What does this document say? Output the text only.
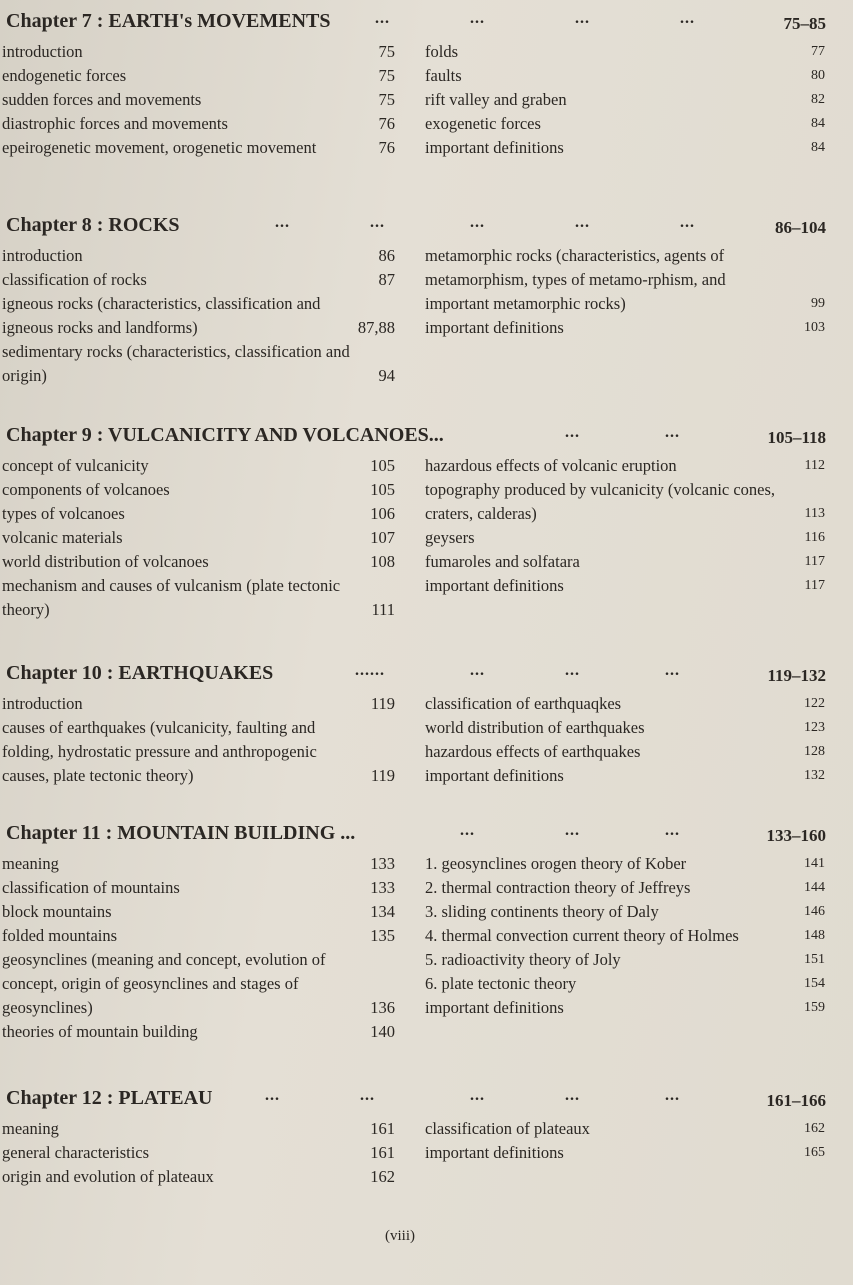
Chapter 7 : EARTH's MOVEMENTS	...	...	...	...	75–85
introduction	75
endogenetic forces	75
sudden forces and movements	75
diastrophic forces and movements	76
epeirogenetic movement, orogenetic movement	76
folds	77
faults	80
rift valley and graben	82
exogenetic forces	84
important definitions	84
Chapter 8 : ROCKS	...	...	...	...	...	86–104
introduction	86
classification of rocks	87
igneous rocks (characteristics, classification and igneous rocks and landforms)	87,88
sedimentary rocks (characteristics, classification and origin)	94
metamorphic rocks (characteristics, agents of metamorphism, types of metamo-rphism, and important metamorphic rocks)	99
important definitions	103
Chapter 9 : VULCANICITY AND VOLCANOES...	...	...	105–118
concept of vulcanicity	105
components of volcanoes	105
types of volcanoes	106
volcanic materials	107
world distribution of volcanoes	108
mechanism and causes of vulcanism (plate tectonic theory)	111
hazardous effects of volcanic eruption	112
topography produced by vulcanicity (volcanic cones, craters, calderas)	113
geysers	116
fumaroles and solfatara	117
important definitions	117
Chapter 10 : EARTHQUAKES	......	...	...	...	119–132
introduction	119
causes of earthquakes (vulcanicity, faulting and folding, hydrostatic pressure and anthropogenic causes, plate tectonic theory)	119
classification of earthquaqkes	122
world distribution of earthquakes	123
hazardous effects of earthquakes	128
important definitions	132
Chapter 11 : MOUNTAIN BUILDING ...	...	...	...	133–160
meaning	133
classification of mountains	133
block mountains	134
folded mountains	135
geosynclines (meaning and concept, evolution of concept, origin of geosynclines and stages of geosynclines)	136
theories of mountain building	140
1. geosynclines orogen theory of Kober	141
2. thermal contraction theory of Jeffreys	144
3. sliding continents theory of Daly	146
4. thermal convection current theory of Holmes	148
5. radioactivity theory of Joly	151
6. plate tectonic theory	154
important definitions	159
Chapter 12 : PLATEAU	...	...	...	...	...	161–166
meaning	161
general characteristics	161
origin and evolution of plateaux	162
classification of plateaux	162
important definitions	165
(viii)
